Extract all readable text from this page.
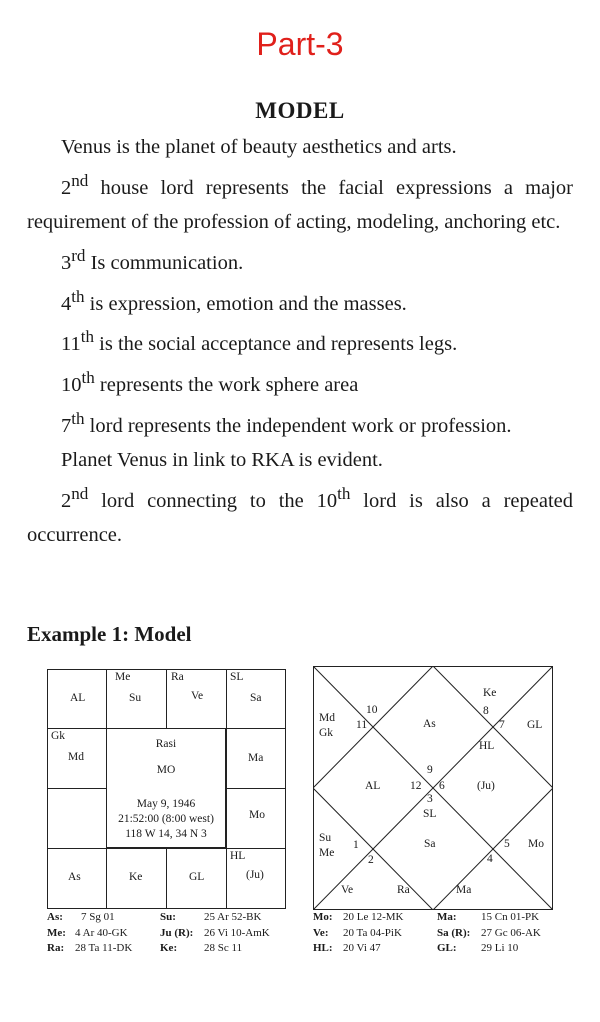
Part-3
MODEL

Venus is the planet of beauty aesthetics and arts.

2nd house lord represents the facial expressions a major requirement of the profession of acting, modeling, anchoring etc.

3rd Is communication.

4th is expression, emotion and the masses.

11th is the social acceptance and represents legs.

10th represents the work sphere area

7th lord represents the independent work or profession.

Planet Venus in link to RKA is evident.

2nd lord connecting to the 10th lord is also a repeated occurrence.

Example 1: Model
AL
Me
Su
Ra
Ve
SL
Sa
Gk
Md	Ma
Mo
As	Ke	GL
HL
(Ju)
Rasi
MO
May 9, 1946
21:52:00 (8:00 west)
118 W 14, 34 N 3
10
11
Md
Gk
As
Ke
8
7 GL
HL
9
AL	12 6	(Ju)
3
SL
Su
Me
1
2
Sa	5 Mo
4
Ve	Ra	Ma
As: 7 Sg 01	Su:	25 Ar 52-BK
Me: 4 Ar 40-GK	Ju (R): 26 Vi 10-AmK
Ra: 28 Ta 11-DK	Ke: 28 Sc 11
Mo: 20 Le 12-MK	Ma: 15 Cn 01-PK
Ve: 20 Ta 04-PiK	Sa (R): 27 Gc 06-AK
HL: 20 Vi 47	GL: 29 Li 10
